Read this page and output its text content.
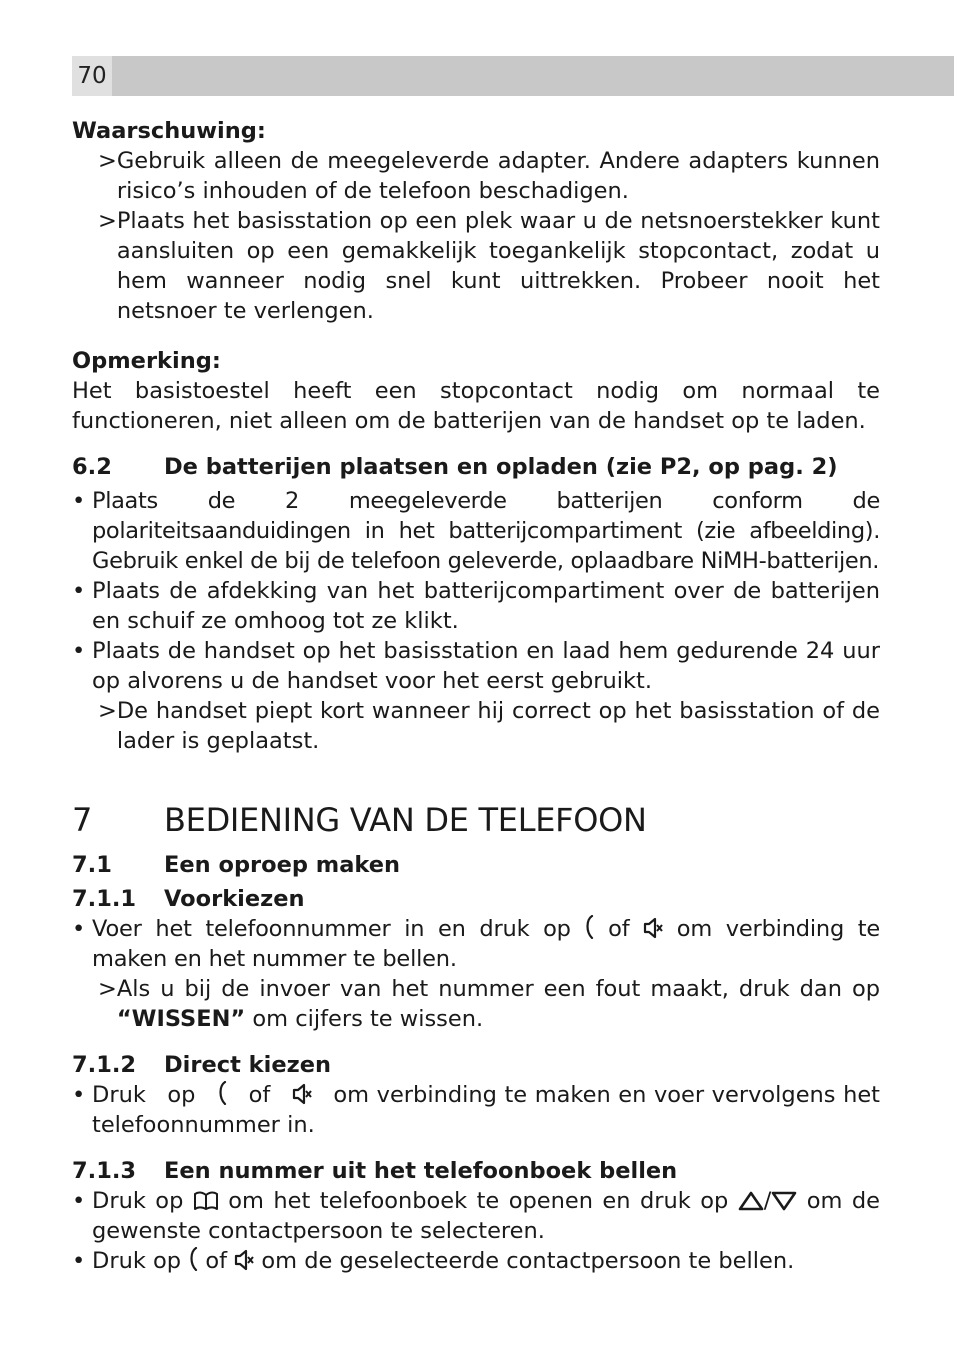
70

Waarschuwing:

> Gebruik alleen de meegeleverde adapter. Andere adapters kunnen risico’s inhouden of de telefoon beschadigen.
> Plaats het basisstation op een plek waar u de netsnoerstekker kunt aansluiten op een gemakkelijk toegankelijk stopcontact, zodat u hem wanneer nodig snel kunt uittrekken. Probeer nooit het netsnoer te verlengen.

Opmerking:

Het basistoestel heeft een stopcontact nodig om normaal te functioneren, niet alleen om de batterijen van de handset op te laden.

6.2	De batterijen plaatsen en opladen (zie P2, op pag. 2)
• Plaats de 2 meegeleverde batterijen conform de polariteitsaanduidingen in het batterijcompartiment (zie afbeelding). Gebruik enkel de bij de telefoon geleverde, oplaadbare NiMH-batterijen.
• Plaats de afdekking van het batterijcompartiment over de batterijen en schuif ze omhoog tot ze klikt.
• Plaats de handset op het basisstation en laad hem gedurende 24 uur op alvorens u de handset voor het eerst gebruikt.
> De handset piept kort wanneer hij correct op het basisstation of de lader is geplaatst.
7	BEDIENING VAN DE TELEFOON
7.1	Een oproep maken
7.1.1	Voorkiezen
• Voer het telefoonnummer in en druk op of om verbinding te maken en het nummer te bellen.
> Als u bij de invoer van het nummer een fout maakt, druk dan op “WISSEN” om cijfers te wissen.
7.1.2	Direct kiezen
• Druk op of	om verbinding te maken en voer vervolgens het telefoonnummer in.
7.1.3	Een nummer uit het telefoonboek bellen
• Druk op om het telefoonboek te openen en druk op / om de gewenste contactpersoon te selecteren.
• Druk op of om de geselecteerde contactpersoon te bellen.
